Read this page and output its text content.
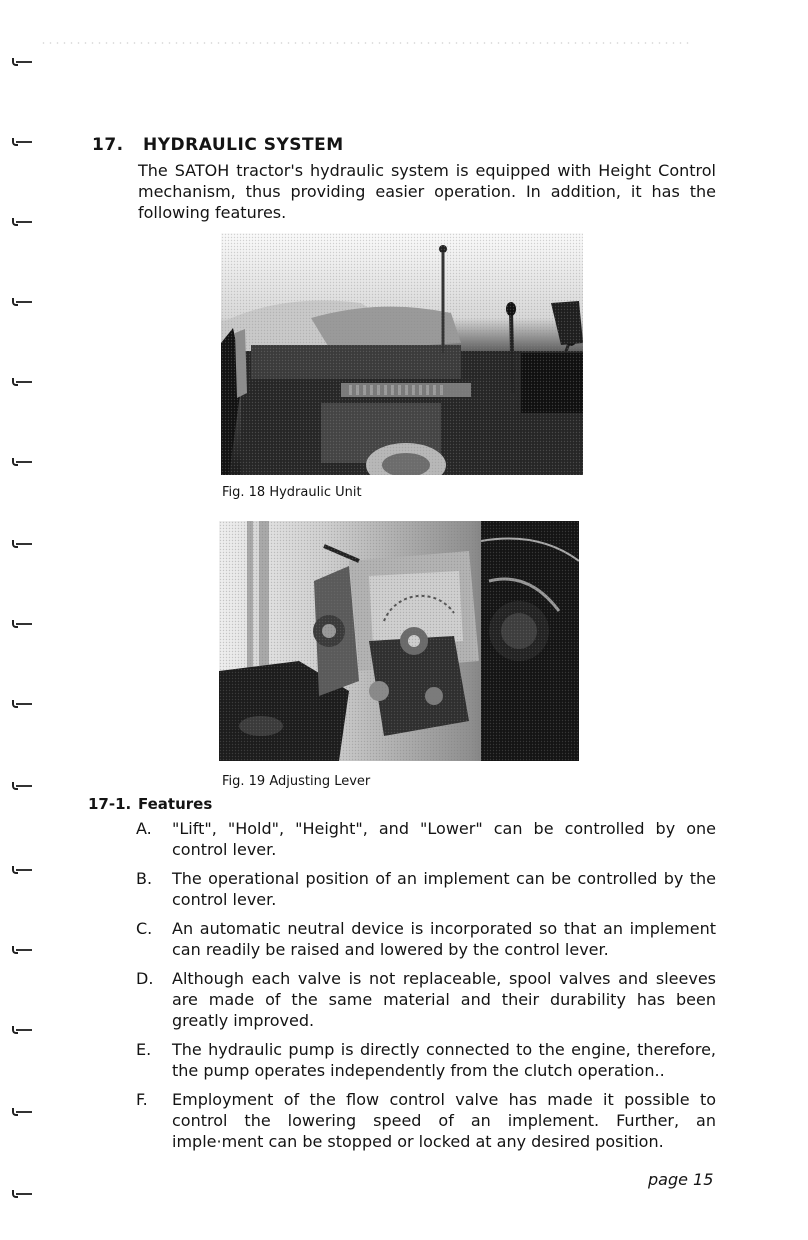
17. HYDRAULIC SYSTEM

The SATOH tractor's hydraulic system is equipped with Height Control mechanism, thus providing easier operation. In addition, it has the following features.

Fig. 18 Hydraulic Unit
Fig. 19 Adjusting Lever
17-1. Features
A. "Lift", "Hold", "Height", and "Lower" can be controlled by one control lever.
B. The operational position of an implement can be controlled by the control lever.
C. An automatic neutral device is incorporated so that an implement can readily be raised and lowered by the control lever.
D. Although each valve is not replaceable, spool valves and sleeves are made of the same material and their durability has been greatly improved.
E. The hydraulic pump is directly connected to the engine, therefore, the pump operates independently from the clutch operation..
F. Employment of the flow control valve has made it possible to control the lowering speed of an implement. Further, an imple·ment can be stopped or locked at any desired position.
page 15
